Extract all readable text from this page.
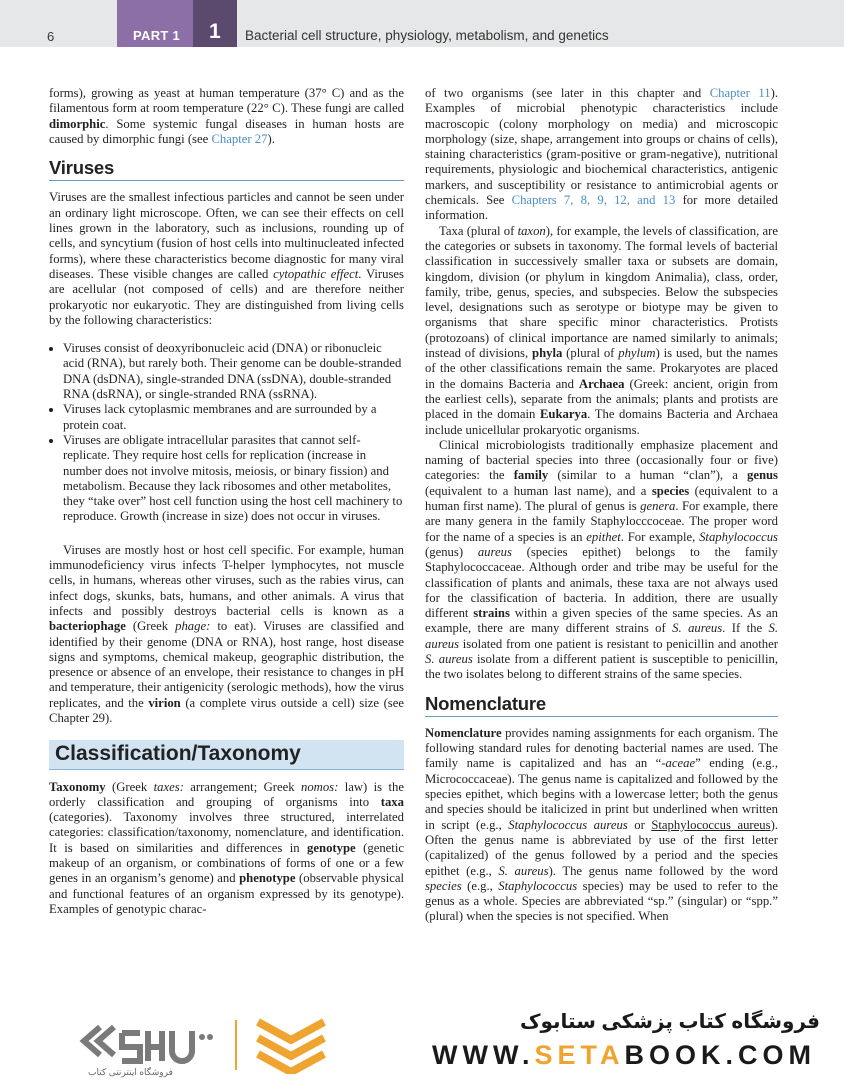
6	PART 1 1 Bacterial cell structure, physiology, metabolism, and genetics

forms), growing as yeast at human temperature (37° C) and as the filamentous form at room temperature (22° C). These fungi are called dimorphic. Some systemic fungal diseases in human hosts are caused by dimorphic fungi (see Chapter 27).

Viruses

Viruses are the smallest infectious particles and cannot be seen under an ordinary light microscope. Often, we can see their effects on cell lines grown in the laboratory, such as inclusions, rounding up of cells, and syncytium (fusion of host cells into multinucleated infected forms), where these characteristics become diagnostic for many viral diseases. These visible changes are called cytopathic effect. Viruses are acellular (not composed of cells) and are therefore neither prokaryotic nor eukaryotic. They are distinguished from living cells by the following characteristics:

• Viruses consist of deoxyribonucleic acid (DNA) or ribonucleic acid (RNA), but rarely both. Their genome can be double-stranded DNA (dsDNA), single-stranded DNA (ssDNA), double-stranded RNA (dsRNA), or single-stranded RNA (ssRNA).
• Viruses lack cytoplasmic membranes and are surrounded by a protein coat.
• Viruses are obligate intracellular parasites that cannot self-replicate. They require host cells for replication (increase in number does not involve mitosis, meiosis, or binary fission) and metabolism. Because they lack ribosomes and other metabolites, they “take over” host cell function using the host cell machinery to reproduce. Growth (increase in size) does not occur in viruses.

Viruses are mostly host or host cell specific. For example, human immunodeficiency virus infects T-helper lymphocytes, not muscle cells, in humans, whereas other viruses, such as the rabies virus, can infect dogs, skunks, bats, humans, and other animals. A virus that infects and possibly destroys bacterial cells is known as a bacteriophage (Greek phage: to eat). Viruses are classified and identified by their genome (DNA or RNA), host range, host disease signs and symptoms, chemical makeup, geographic distribution, the presence or absence of an envelope, their resistance to changes in pH and temperature, their antigenicity (serologic methods), how the virus replicates, and the virion (a complete virus outside a cell) size (see Chapter 29).

Classification/Taxonomy

Taxonomy (Greek taxes: arrangement; Greek nomos: law) is the orderly classification and grouping of organisms into taxa (categories). Taxonomy involves three structured, interrelated categories: classification/taxonomy, nomenclature, and identification. It is based on similarities and differences in genotype (genetic makeup of an organism, or combinations of forms of one or a few genes in an organism’s genome) and phenotype (observable physical and functional features of an organism expressed by its genotype). Examples of genotypic charac-

of two organisms (see later in this chapter and Chapter 11). Examples of microbial phenotypic characteristics include macroscopic (colony morphology on media) and microscopic morphology (size, shape, arrangement into groups or chains of cells), staining characteristics (gram-positive or gram-negative), nutritional requirements, physiologic and biochemical characteristics, antigenic markers, and susceptibility or resistance to antimicrobial agents or chemicals. See Chapters 7, 8, 9, 12, and 13 for more detailed information.

Taxa (plural of taxon), for example, the levels of classification, are the categories or subsets in taxonomy. The formal levels of bacterial classification in successively smaller taxa or subsets are domain, kingdom, division (or phylum in kingdom Animalia), class, order, family, tribe, genus, species, and subspecies. Below the subspecies level, designations such as serotype or biotype may be given to organisms that share specific minor characteristics. Protists (protozoans) of clinical importance are named similarly to animals; instead of divisions, phyla (plural of phylum) is used, but the names of the other classifications remain the same. Prokaryotes are placed in the domains Bacteria and Archaea (Greek: ancient, origin from the earliest cells), separate from the animals; plants and protists are placed in the domain Eukarya. The domains Bacteria and Archaea include unicellular prokaryotic organisms.

Clinical microbiologists traditionally emphasize placement and naming of bacterial species into three (occasionally four or five) categories: the family (similar to a human “clan”), a genus (equivalent to a human last name), and a species (equivalent to a human first name). The plural of genus is genera. For example, there are many genera in the family Staphylocccoceae. The proper word for the name of a species is an epithet. For example, Staphylococcus (genus) aureus (species epithet) belongs to the family Staphylococcaceae. Although order and tribe may be useful for the classification of plants and animals, these taxa are not always used for the classification of bacteria. In addition, there are usually different strains within a given species of the same species. As an example, there are many different strains of S. aureus. If the S. aureus isolated from one patient is resistant to penicillin and another S. aureus isolate from a different patient is susceptible to penicillin, the two isolates belong to different strains of the same species.

Nomenclature

Nomenclature provides naming assignments for each organism. The following standard rules for denoting bacterial names are used. The family name is capitalized and has an “-aceae” ending (e.g., Micrococcaceae). The genus name is capitalized and followed by the species epithet, which begins with a lowercase letter; both the genus and species should be italicized in print but underlined when written in script (e.g., Staphylococcus aureus or Staphylococcus aureus). Often the genus name is abbreviated by use of the first letter (capitalized) of the genus followed by a period and the species epithet (e.g., S. aureus). The genus name followed by the word species (e.g., Staphylococcus species) may be used to refer to the genus as a whole. Species are abbreviated “sp.” (singular) or “spp.” (plural) when the species is not specified. When

فروشگاه اینترنتی کتاب
فروشگاه کتاب پزشکی ستابوک
WWW.SETABOOK.COM
